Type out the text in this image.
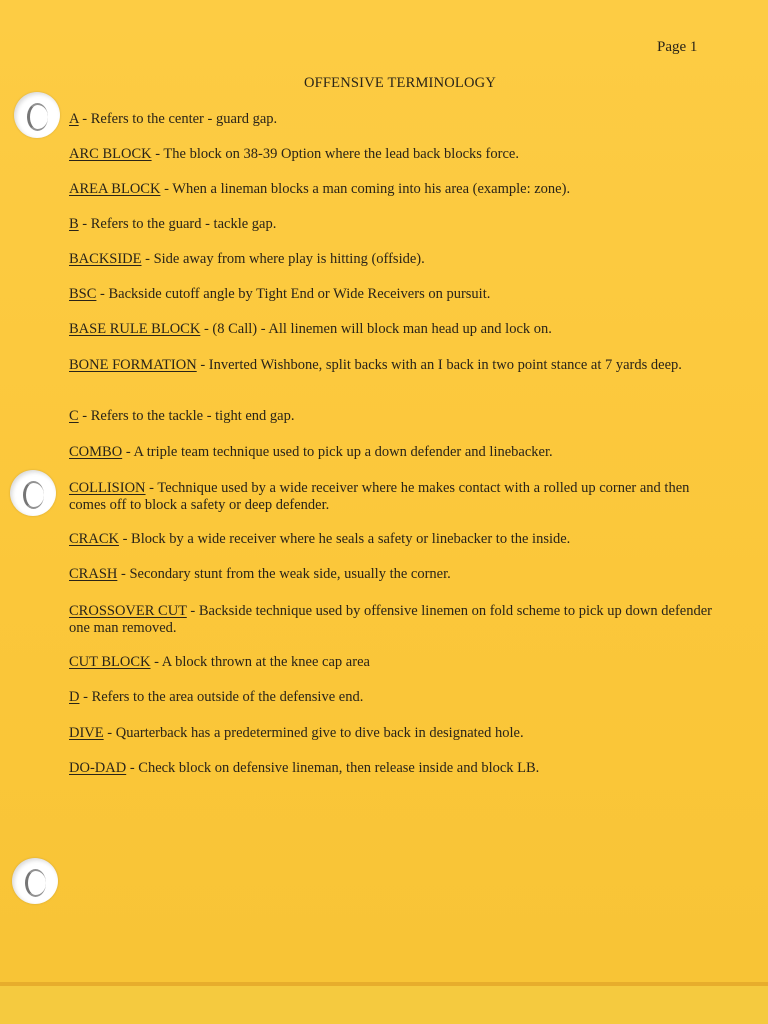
Page 1
OFFENSIVE TERMINOLOGY
A - Refers to the center - guard gap.
ARC BLOCK - The block on 38-39 Option where the lead back blocks force.
AREA BLOCK - When a lineman blocks a man coming into his area (example: zone).
B - Refers to the guard - tackle gap.
BACKSIDE - Side away from where play is hitting (offside).
BSC - Backside cutoff angle by Tight End or Wide Receivers on pursuit.
BASE RULE BLOCK - (8 Call) - All linemen will block man head up and lock on.
BONE FORMATION - Inverted Wishbone, split backs with an I back in two point stance at 7 yards deep.
C - Refers to the tackle - tight end gap.
COMBO - A triple team technique used to pick up a down defender and linebacker.
COLLISION - Technique used by a wide receiver where he makes contact with a rolled up corner and then comes off to block a safety or deep defender.
CRACK - Block by a wide receiver where he seals a safety or linebacker to the inside.
CRASH - Secondary stunt from the weak side, usually the corner.
CROSSOVER CUT - Backside technique used by offensive linemen on fold scheme to pick up down defender one man removed.
CUT BLOCK - A block thrown at the knee cap area
D - Refers to the area outside of the defensive end.
DIVE - Quarterback has a predetermined give to dive back in designated hole.
DO-DAD - Check block on defensive lineman, then release inside and block LB.
